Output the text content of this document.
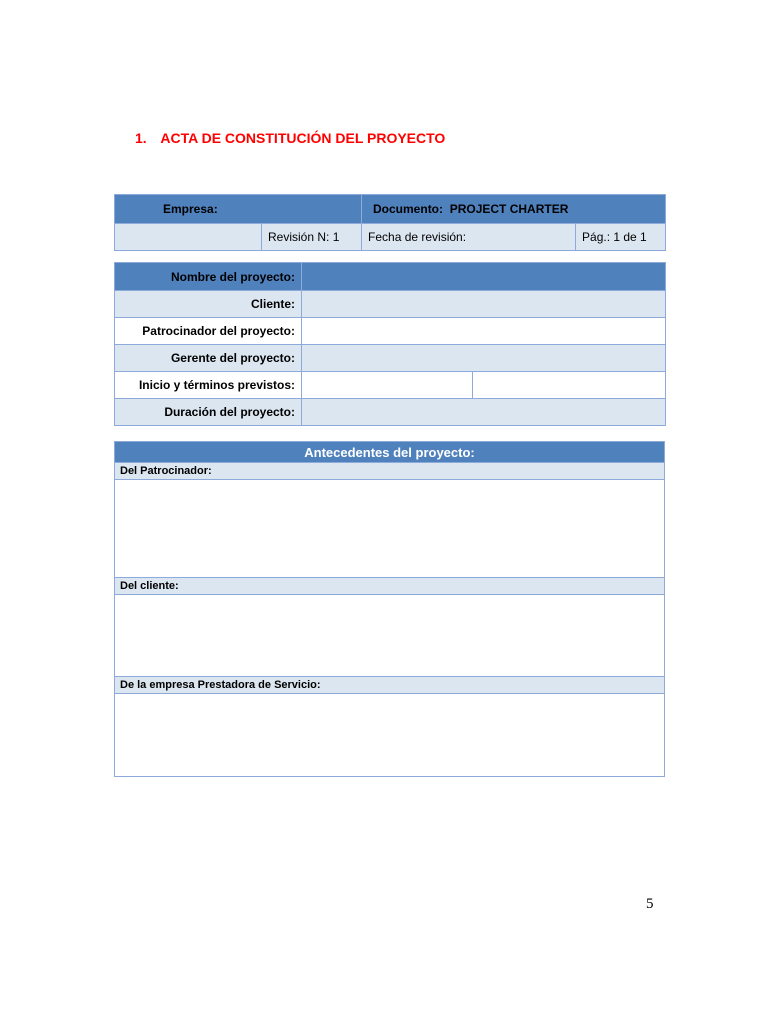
1. ACTA DE CONSTITUCIÓN DEL PROYECTO
Empresa:		Documento: PROJECT CHARTER	
	Revisión N: 1	Fecha de revisión:	Pág.: 1 de 1
Nombre del proyecto:		
Cliente:		
Patrocinador del proyecto:		
Gerente del proyecto:		
Inicio y términos previstos:		
Duración del proyecto:		
Antecedentes del proyecto:
Del Patrocinador:

Del cliente:

De la empresa Prestadora de Servicio:

5
